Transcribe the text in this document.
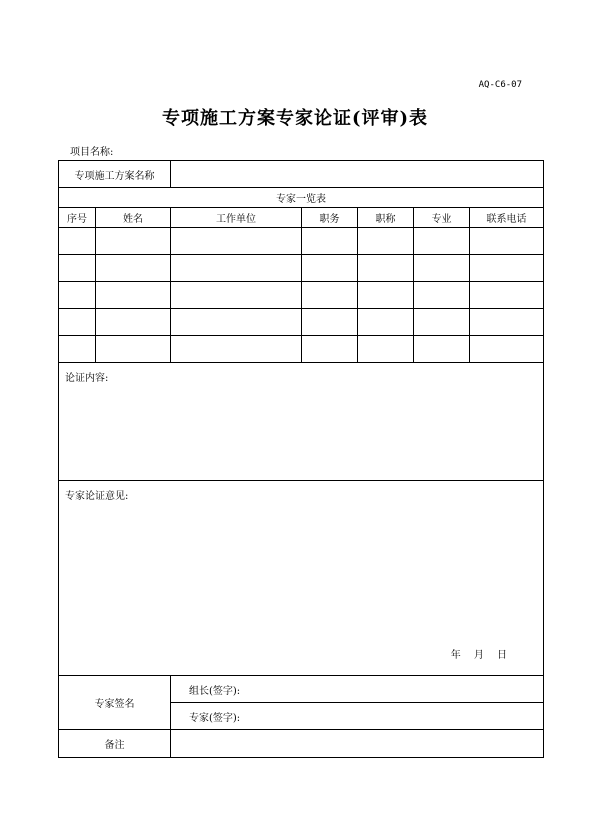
AQ-C6-07
专项施工方案专家论证(评审)表
项目名称:
专项施工方案名称						
专家一览表						
序号	姓名	工作单位	职务	职称	专业	联系电话

论证内容:						

专家论证意见:
年 月 日						

专家签名		组长(签字):				
		专家(签字):				
备注						
